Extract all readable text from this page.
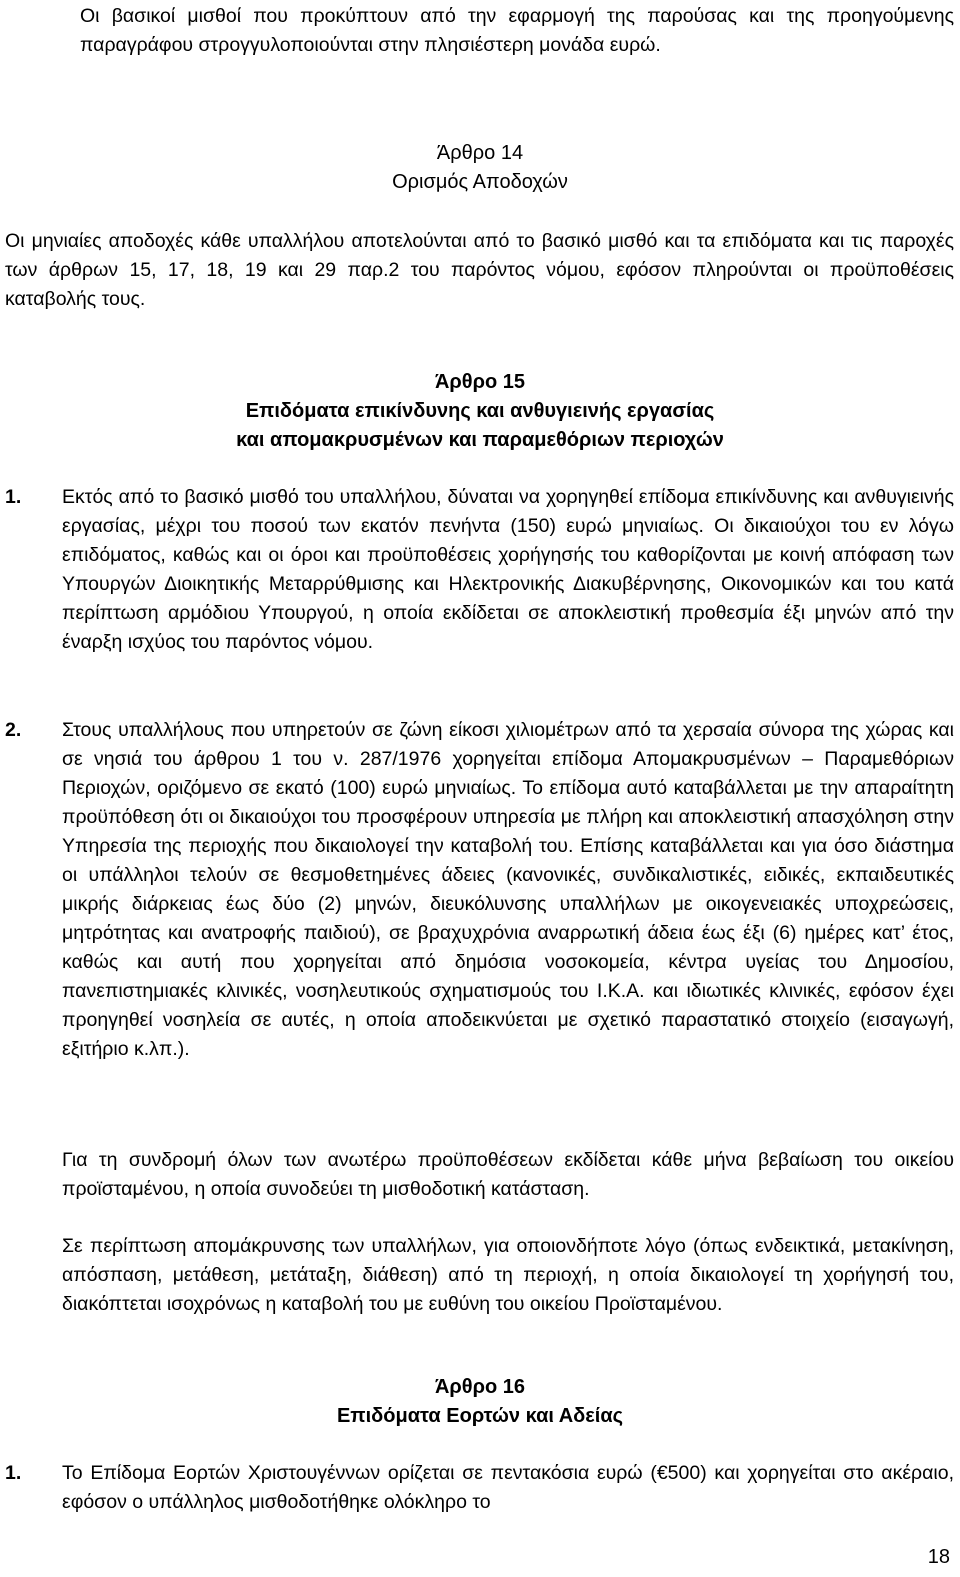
Οι βασικοί μισθοί που προκύπτουν από την εφαρμογή της παρούσας και της προηγούμενης παραγράφου στρογγυλοποιούνται στην πλησιέστερη μονάδα ευρώ.
Άρθρο 14
Ορισμός Αποδοχών
Οι μηνιαίες αποδοχές κάθε υπαλλήλου αποτελούνται από το βασικό μισθό και τα επιδόματα και τις παροχές των άρθρων 15, 17, 18, 19 και 29 παρ.2 του παρόντος νόμου, εφόσον πληρούνται οι προϋποθέσεις καταβολής τους.
Άρθρο 15
Επιδόματα επικίνδυνης και ανθυγιεινής εργασίας
και απομακρυσμένων και παραμεθόριων περιοχών
1. Εκτός από το βασικό μισθό του υπαλλήλου, δύναται να χορηγηθεί επίδομα επικίνδυνης και ανθυγιεινής εργασίας, μέχρι του ποσού των εκατόν πενήντα (150) ευρώ μηνιαίως. Οι δικαιούχοι του εν λόγω επιδόματος, καθώς και οι όροι και προϋποθέσεις χορήγησής του καθορίζονται με κοινή απόφαση των Υπουργών Διοικητικής Μεταρρύθμισης και Ηλεκτρονικής Διακυβέρνησης, Οικονομικών και του κατά περίπτωση αρμόδιου Υπουργού, η οποία εκδίδεται σε αποκλειστική προθεσμία έξι μηνών από την έναρξη ισχύος του παρόντος νόμου.
2. Στους υπαλλήλους που υπηρετούν σε ζώνη είκοσι χιλιομέτρων από τα χερσαία σύνορα της χώρας και σε νησιά του άρθρου 1 του ν. 287/1976 χορηγείται επίδομα Απομακρυσμένων – Παραμεθόριων Περιοχών, οριζόμενο σε εκατό (100) ευρώ μηνιαίως. Το επίδομα αυτό καταβάλλεται με την απαραίτητη προϋπόθεση ότι οι δικαιούχοι του προσφέρουν υπηρεσία με πλήρη και αποκλειστική απασχόληση στην Υπηρεσία της περιοχής που δικαιολογεί την καταβολή του. Επίσης καταβάλλεται και για όσο διάστημα οι υπάλληλοι τελούν σε θεσμοθετημένες άδειες (κανονικές, συνδικαλιστικές, ειδικές, εκπαιδευτικές μικρής διάρκειας έως δύο (2) μηνών, διευκόλυνσης υπαλλήλων με οικογενειακές υποχρεώσεις, μητρότητας και ανατροφής παιδιού), σε βραχυχρόνια αναρρωτική άδεια έως έξι (6) ημέρες κατ’ έτος, καθώς και αυτή που χορηγείται από δημόσια νοσοκομεία, κέντρα υγείας του Δημοσίου, πανεπιστημιακές κλινικές, νοσηλευτικούς σχηματισμούς του Ι.Κ.Α. και ιδιωτικές κλινικές, εφόσον έχει προηγηθεί νοσηλεία σε αυτές, η οποία αποδεικνύεται με σχετικό παραστατικό στοιχείο (εισαγωγή, εξιτήριο κ.λπ.).
Για τη συνδρομή όλων των ανωτέρω προϋποθέσεων εκδίδεται κάθε μήνα βεβαίωση του οικείου προϊσταμένου, η οποία συνοδεύει τη μισθοδοτική κατάσταση.
Σε περίπτωση απομάκρυνσης των υπαλλήλων, για οποιονδήποτε λόγο (όπως ενδεικτικά, μετακίνηση, απόσπαση, μετάθεση, μετάταξη, διάθεση) από τη περιοχή, η οποία δικαιολογεί τη χορήγησή του, διακόπτεται ισοχρόνως η καταβολή του με ευθύνη του οικείου Προϊσταμένου.
Άρθρο 16
Επιδόματα Εορτών και Αδείας
1. Το Επίδομα Εορτών Χριστουγέννων ορίζεται σε πεντακόσια ευρώ (€500) και χορηγείται στο ακέραιο, εφόσον ο υπάλληλος μισθοδοτήθηκε ολόκληρο το
18
